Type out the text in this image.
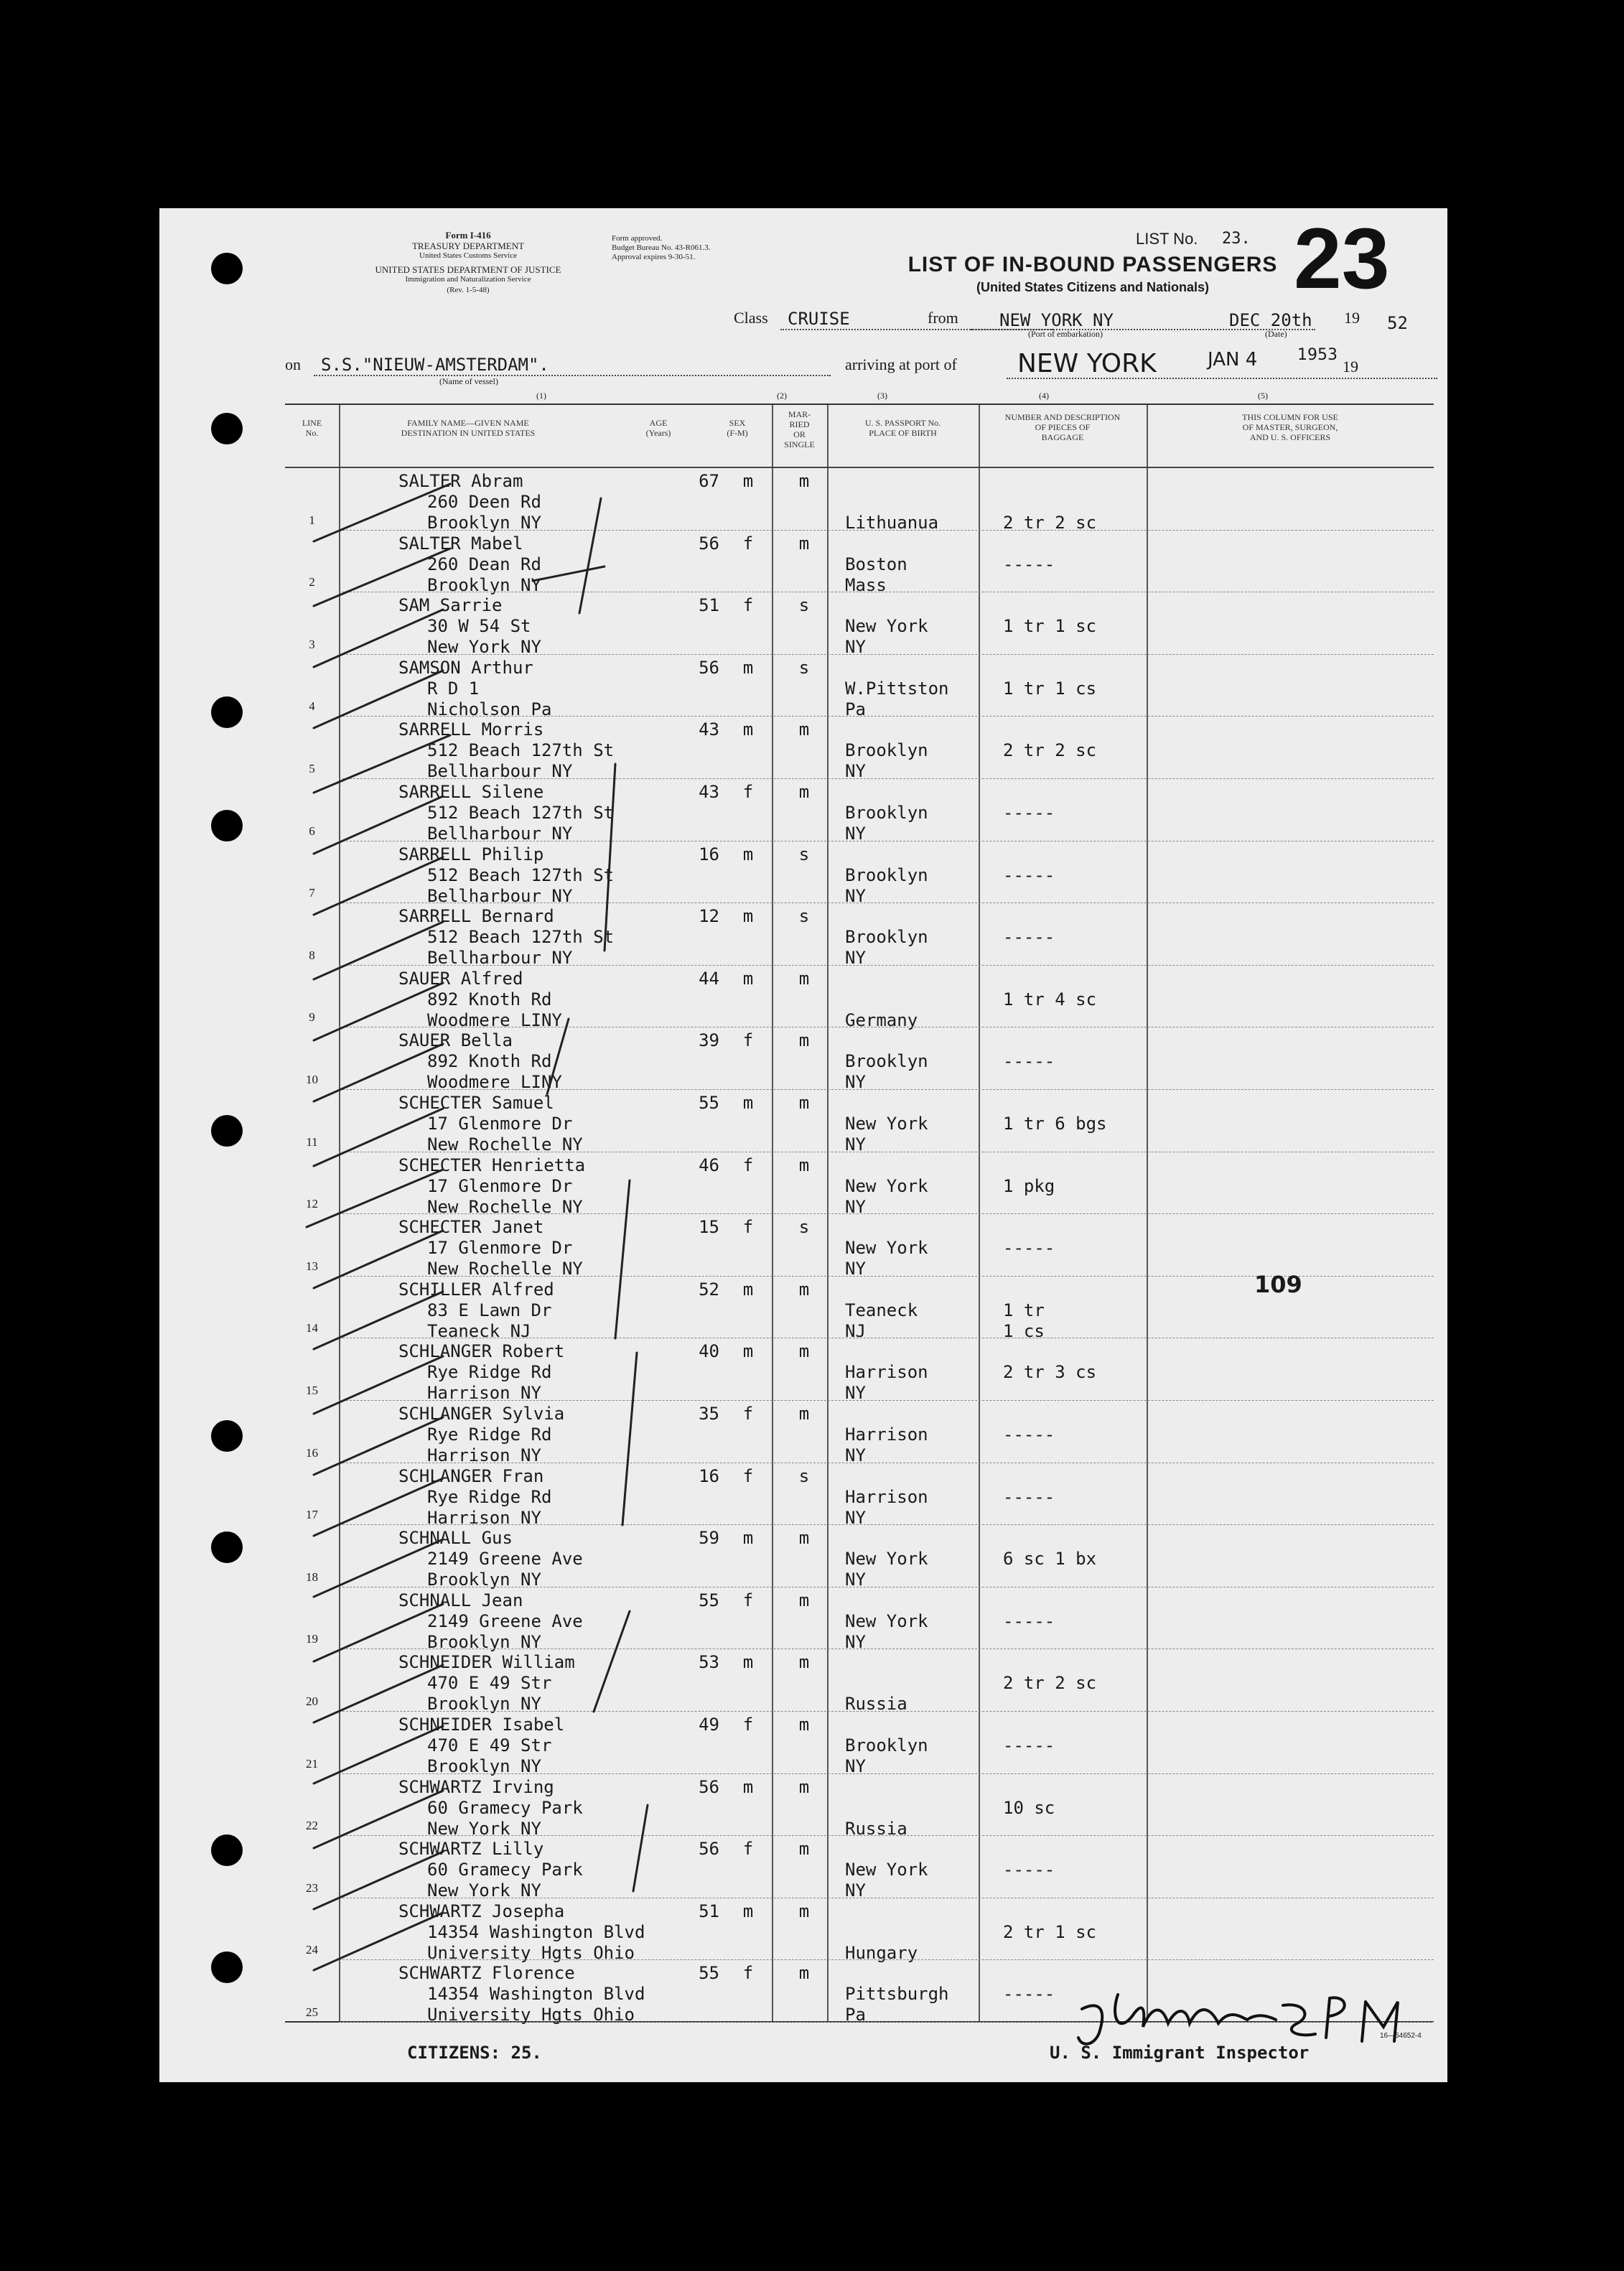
Form I-416
TREASURY DEPARTMENT
United States Customs Service
UNITED STATES DEPARTMENT OF JUSTICE
Immigration and Naturalization Service
(Rev. 1-5-48)
Form approved.
Budget Bureau No. 43-R061.3.
Approval expires 9-30-51.
LIST No. 23. 23
LIST OF IN-BOUND PASSENGERS
(United States Citizens and Nationals)
Class CRUISE	from NEW YORK NY
(Port of embarkation)
DEC 20th
(Date)
19 52
on S.S."NIEUW-AMSTERDAM".
(Name of vessel)
arriving at port of NEW YORK	JAN 4	1953
19
(1)	(2)	(3)	(4)	(5)
LINE
No.
FAMILY NAME—GIVEN NAME
DESTINATION IN UNITED STATES
AGE
(Years)
SEX
(F-M)
MAR-
RIED
OR
SINGLE
U. S. PASSPORT No.
PLACE OF BIRTH
NUMBER AND DESCRIPTION
OF PIECES OF
BAGGAGE
THIS COLUMN FOR USE
OF MASTER, SURGEON,
AND U. S. OFFICERS
1
SALTER Abram
260 Deen Rd
Brooklyn NY
67	m	m
Lithuanua	2 tr 2 sc
2
SALTER Mabel
260 Dean Rd
Brooklyn NY
56	f	m
Boston
Mass
-----
3
SAM Sarrie
30 W 54 St
New York NY
51	f	s
New York
NY
1 tr 1 sc
4
SAMSON Arthur
R D 1
Nicholson Pa
56	m	s
W.Pittston
Pa
1 tr 1 cs
5
SARRELL Morris
512 Beach 127th St
Bellharbour NY
43	m	m
Brooklyn
NY
2 tr 2 sc
6
SARRELL Silene
512 Beach 127th St
Bellharbour NY
43	f	m
Brooklyn
NY
-----
7
SARRELL Philip
512 Beach 127th St
Bellharbour NY
16	m	s
Brooklyn
NY
-----
8
SARRELL Bernard
512 Beach 127th St
Bellharbour NY
12	m	s
Brooklyn
NY
-----
9
SAUER Alfred
892 Knoth Rd
Woodmere LINY
44	m	m
Germany
1 tr 4 sc
10
SAUER Bella
892 Knoth Rd
Woodmere LINY
39	f	m
Brooklyn
NY
-----
11
SCHECTER Samuel
17 Glenmore Dr
New Rochelle NY
55	m	m
New York
NY
1 tr 6 bgs
12
SCHECTER Henrietta
17 Glenmore Dr
New Rochelle NY
46	f	m
New York
NY
1 pkg
13
SCHECTER Janet
17 Glenmore Dr
New Rochelle NY
15	f	s
New York
NY
-----
14
SCHILLER Alfred
83 E Lawn Dr
Teaneck NJ
52	m	m
Teaneck
NJ
1 tr
1 cs
15
SCHLANGER Robert
Rye Ridge Rd
Harrison NY
40	m	m
Harrison
NY
2 tr 3 cs
16
SCHLANGER Sylvia
Rye Ridge Rd
Harrison NY
35	f	m
Harrison
NY
-----
17
SCHLANGER Fran
Rye Ridge Rd
Harrison NY
16	f	s
Harrison
NY
-----
18
SCHNALL Gus
2149 Greene Ave
Brooklyn NY
59	m	m
New York
NY
6 sc 1 bx
19
SCHNALL Jean
2149 Greene Ave
Brooklyn NY
55	f	m
New York
NY
-----
20
SCHNEIDER William
470 E 49 Str
Brooklyn NY
53	m	m
Russia
2 tr 2 sc
21
SCHNEIDER Isabel
470 E 49 Str
Brooklyn NY
49	f	m
Brooklyn
NY
-----
22
SCHWARTZ Irving
60 Gramecy Park
New York NY
56	m	m
Russia
10 sc
23
SCHWARTZ Lilly
60 Gramecy Park
New York NY
56	f	m
New York
NY
-----
24
SCHWARTZ Josepha
14354 Washington Blvd
University Hgts Ohio
51	m	m
Hungary
2 tr 1 sc
25
SCHWARTZ Florence
14354 Washington Blvd
University Hgts Ohio
55	f	m
Pittsburgh
Pa
-----
109
CITIZENS: 25.	U. S. Immigrant Inspector
16—54652-4
